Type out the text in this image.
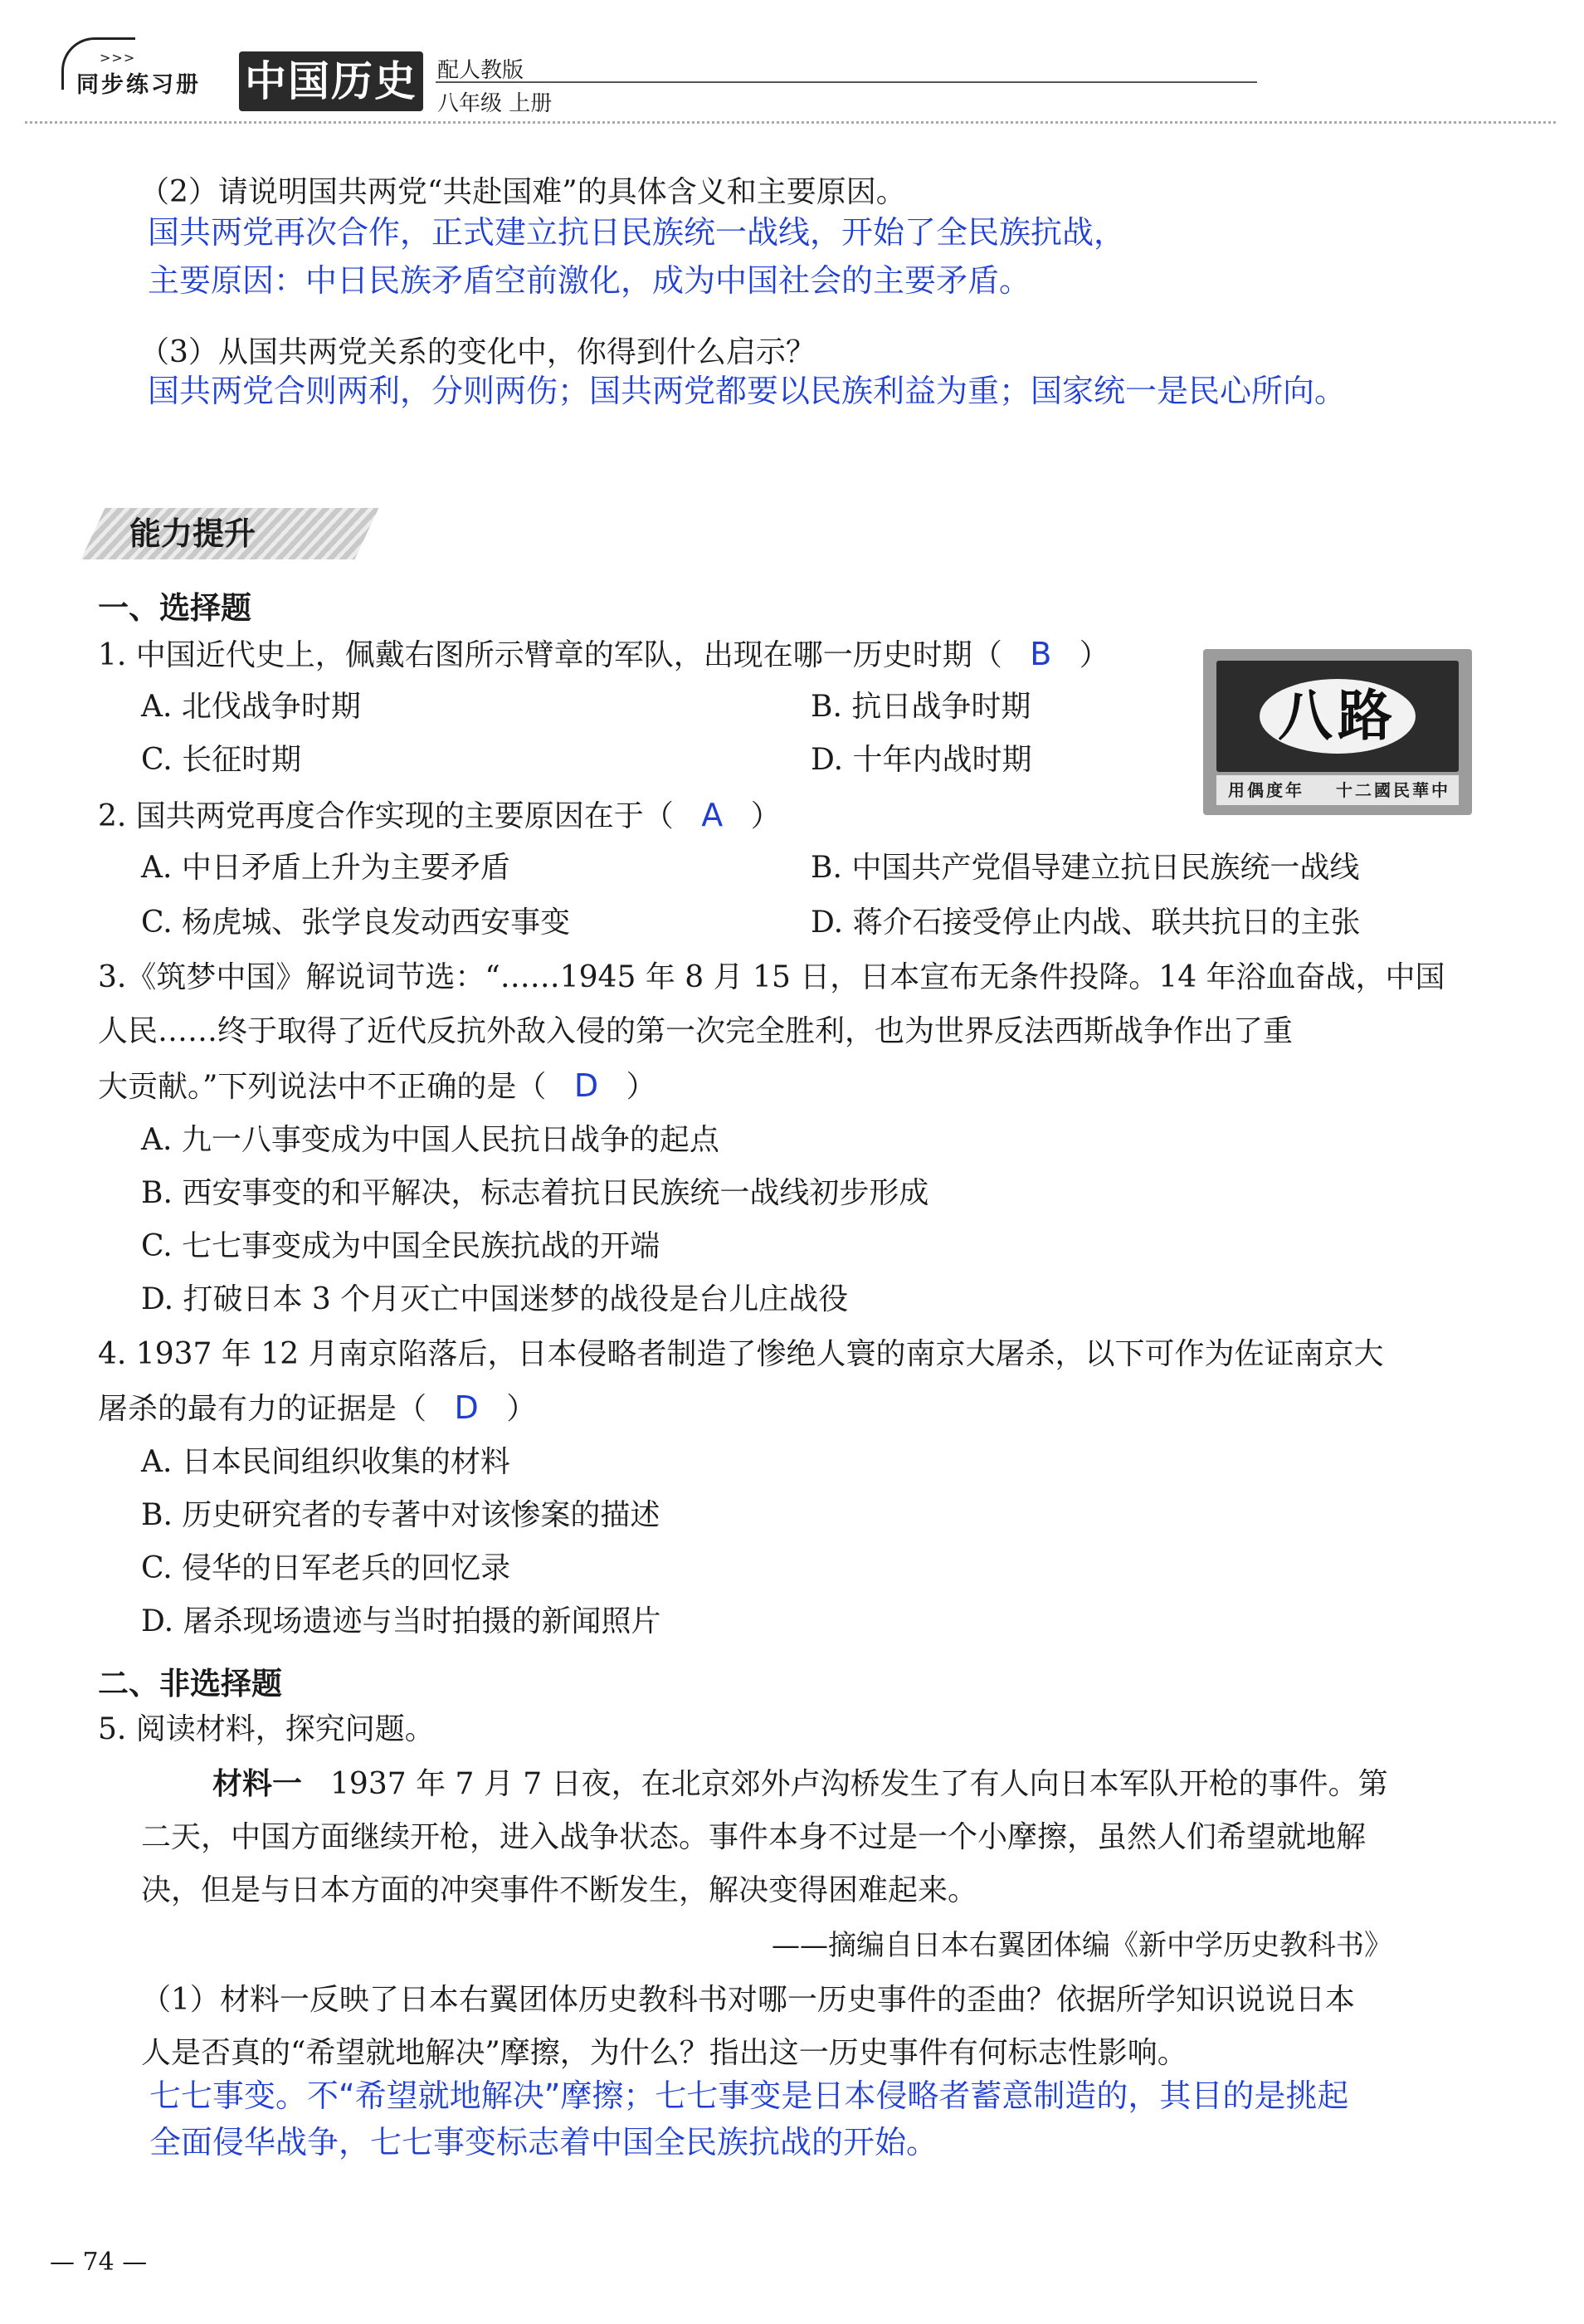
>>>
同步练习册 中国历史 配人教版
八年级 上册
（2）请说明国共两党“共赴国难”的具体含义和主要原因。
国共两党再次合作，正式建立抗日民族统一战线，开始了全民族抗战，
主要原因：中日民族矛盾空前激化，成为中国社会的主要矛盾。
（3）从国共两党关系的变化中，你得到什么启示？
国共两党合则两利，分则两伤；国共两党都要以民族利益为重；国家统一是民心所向。
能力提升
一、选择题
1. 中国近代史上，佩戴右图所示臂章的军队，出现在哪一历史时期（ B ）
A. 北伐战争时期	B. 抗日战争时期
C. 长征时期	D. 十年内战时期
八路
用偶度年 十二國民華中
2. 国共两党再度合作实现的主要原因在于（ A ）
A. 中日矛盾上升为主要矛盾	B. 中国共产党倡导建立抗日民族统一战线
C. 杨虎城、张学良发动西安事变	D. 蒋介石接受停止内战、联共抗日的主张
3.《筑梦中国》解说词节选：“……1945 年 8 月 15 日，日本宣布无条件投降。14 年浴血奋战，中国
人民……终于取得了近代反抗外敌入侵的第一次完全胜利，也为世界反法西斯战争作出了重
大贡献。”下列说法中不正确的是（ D ）
A. 九一八事变成为中国人民抗日战争的起点
B. 西安事变的和平解决，标志着抗日民族统一战线初步形成
C. 七七事变成为中国全民族抗战的开端
D. 打破日本 3 个月灭亡中国迷梦的战役是台儿庄战役
4. 1937 年 12 月南京陷落后，日本侵略者制造了惨绝人寰的南京大屠杀，以下可作为佐证南京大
屠杀的最有力的证据是（ D ）
A. 日本民间组织收集的材料
B. 历史研究者的专著中对该惨案的描述
C. 侵华的日军老兵的回忆录
D. 屠杀现场遗迹与当时拍摄的新闻照片
二、非选择题
5. 阅读材料，探究问题。
材料一 1937 年 7 月 7 日夜，在北京郊外卢沟桥发生了有人向日本军队开枪的事件。第
二天，中国方面继续开枪，进入战争状态。事件本身不过是一个小摩擦，虽然人们希望就地解
决，但是与日本方面的冲突事件不断发生，解决变得困难起来。
——摘编自日本右翼团体编《新中学历史教科书》
（1）材料一反映了日本右翼团体历史教科书对哪一历史事件的歪曲？依据所学知识说说日本
人是否真的“希望就地解决”摩擦，为什么？指出这一历史事件有何标志性影响。
七七事变。不“希望就地解决”摩擦；七七事变是日本侵略者蓄意制造的，其目的是挑起
全面侵华战争，七七事变标志着中国全民族抗战的开始。
— 74 —
